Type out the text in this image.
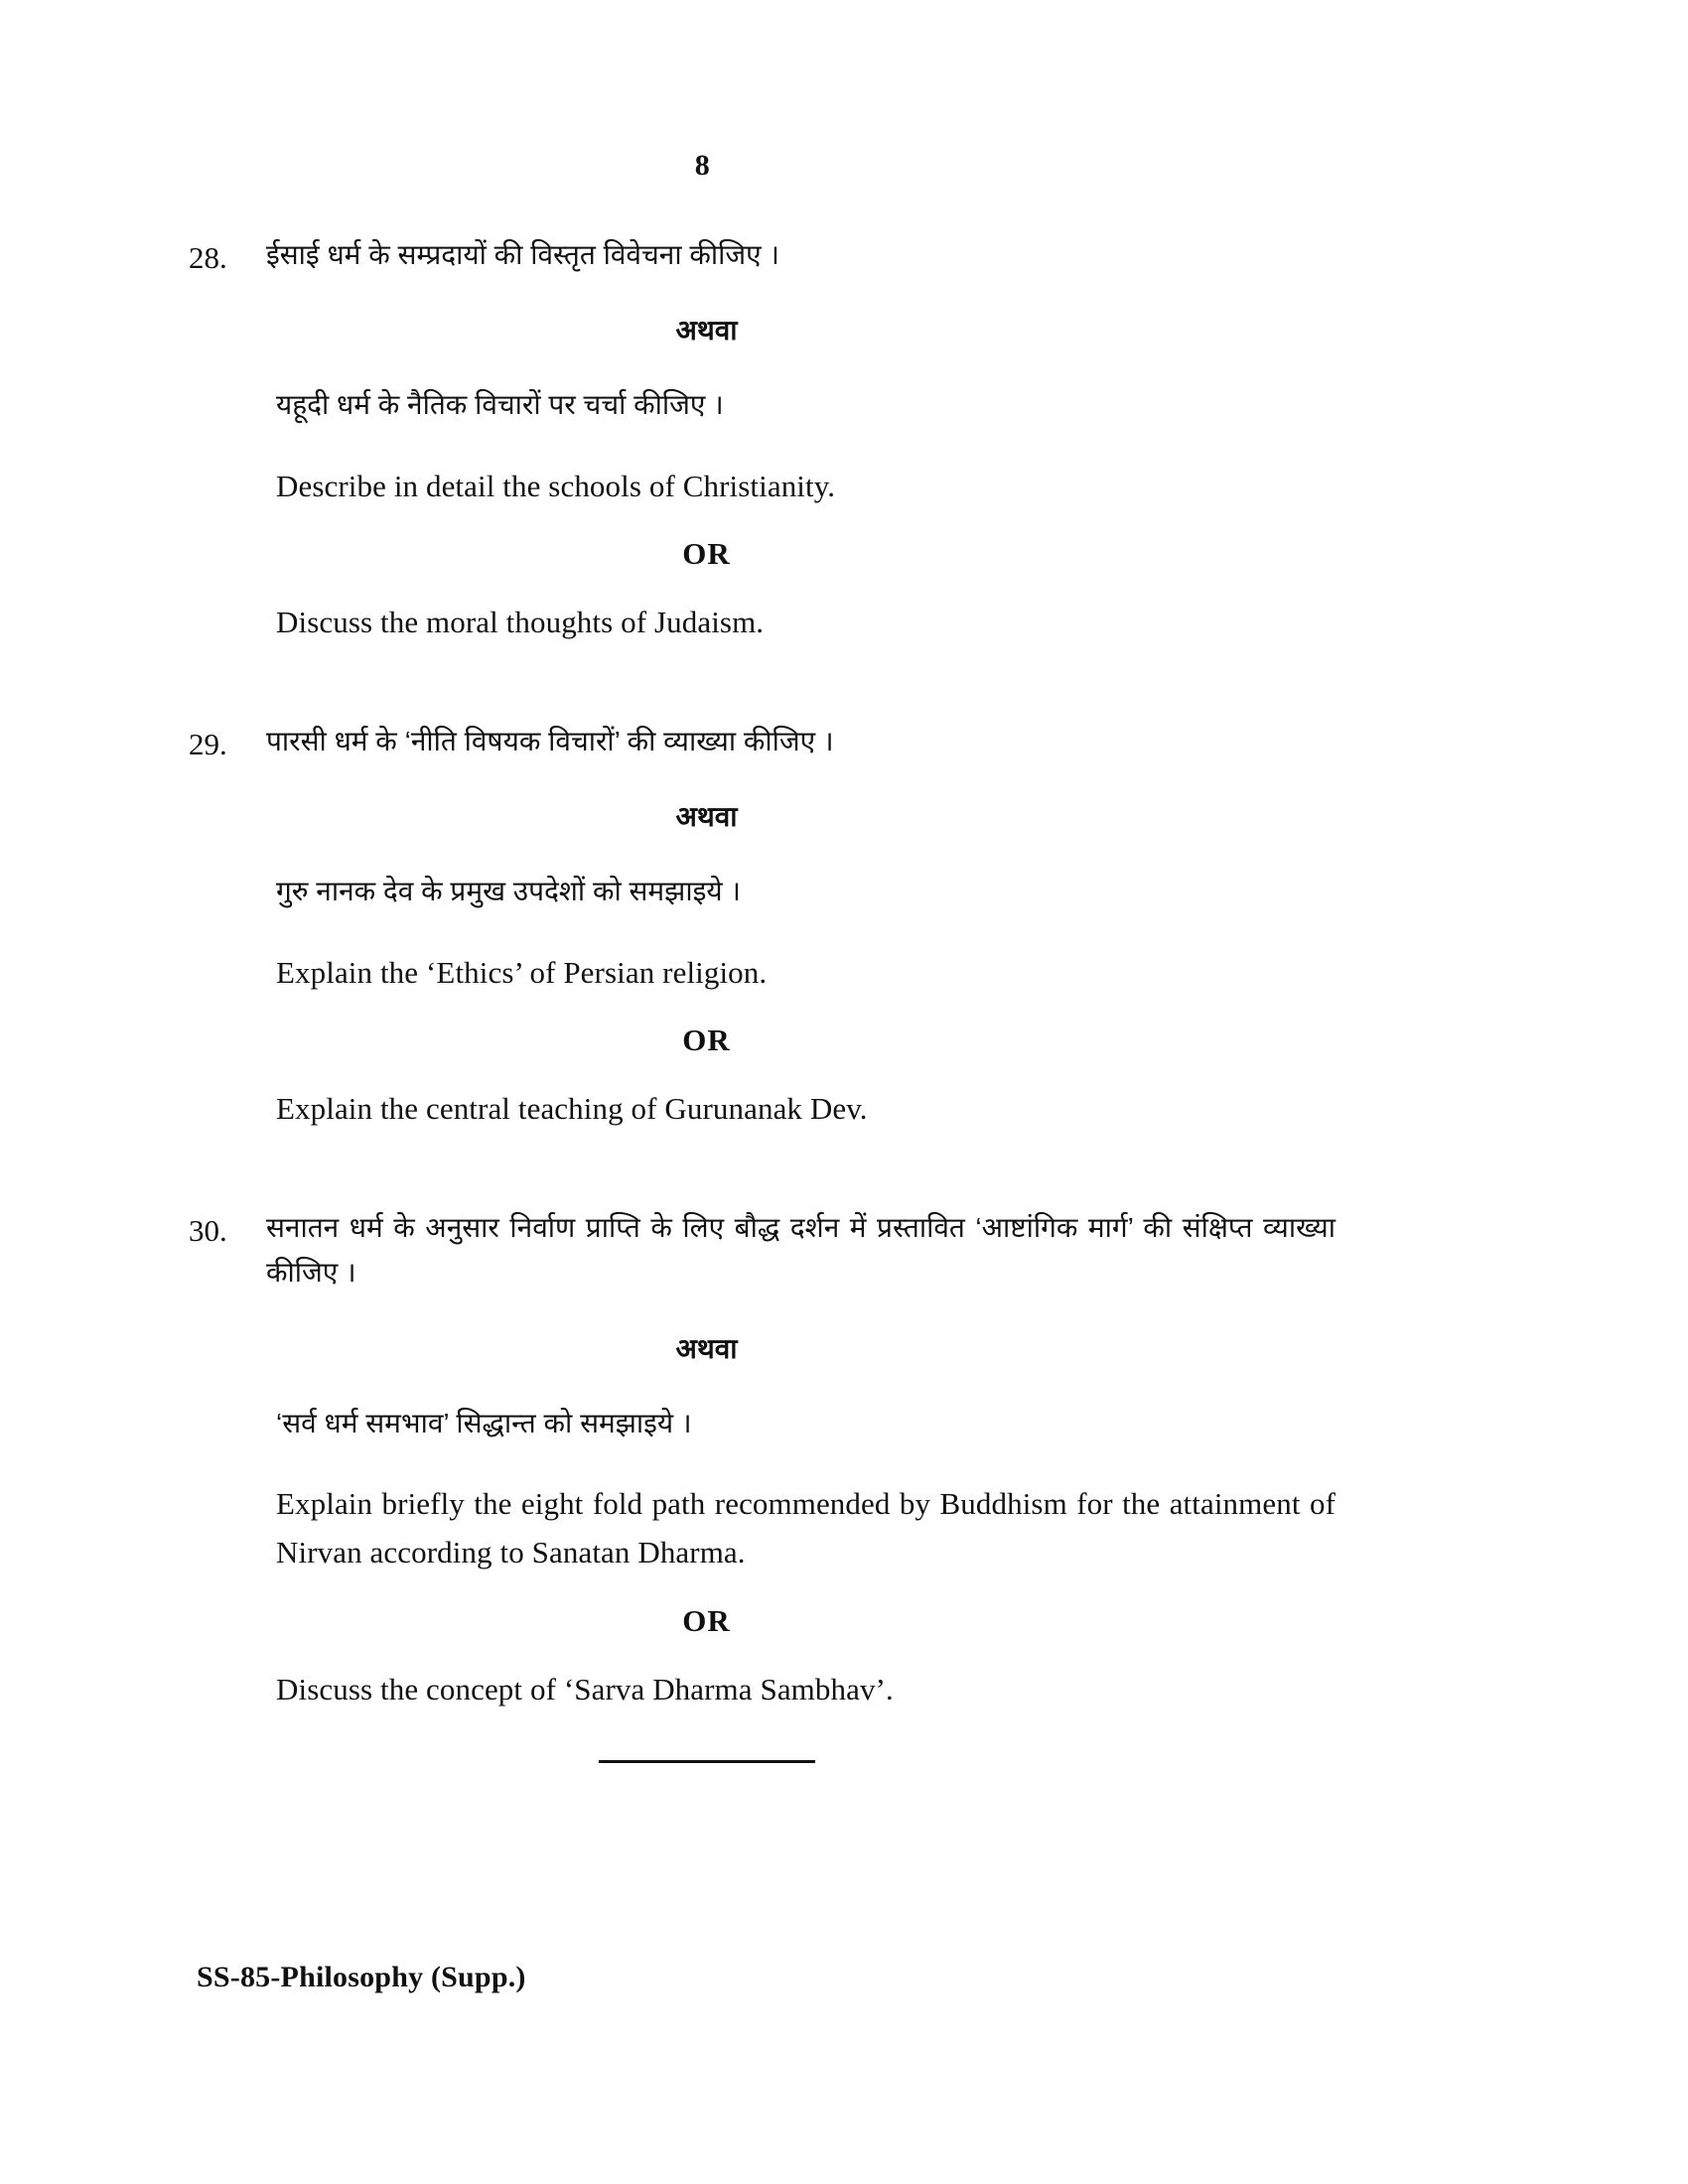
8
28.	ईसाई धर्म के सम्प्रदायों की विस्तृत विवेचना कीजिए ।

अथवा

यहूदी धर्म के नैतिक विचारों पर चर्चा कीजिए ।

Describe in detail the schools of Christianity.

OR

Discuss the moral thoughts of Judaism.

29.	पारसी धर्म के ‘नीति विषयक विचारों’ की व्याख्या कीजिए ।

अथवा

गुरु नानक देव के प्रमुख उपदेशों को समझाइये ।

Explain the ‘Ethics’ of Persian religion.

OR

Explain the central teaching of Gurunanak Dev.

30.	सनातन धर्म के अनुसार निर्वाण प्राप्ति के लिए बौद्ध दर्शन में प्रस्तावित ‘आष्टांगिक मार्ग’ की संक्षिप्त व्याख्या कीजिए ।

अथवा

‘सर्व धर्म समभाव’ सिद्धान्त को समझाइये ।

Explain briefly the eight fold path recommended by Buddhism for the attainment of Nirvan according to Sanatan Dharma.

OR

Discuss the concept of ‘Sarva Dharma Sambhav’.

SS-85-Philosophy (Supp.)
